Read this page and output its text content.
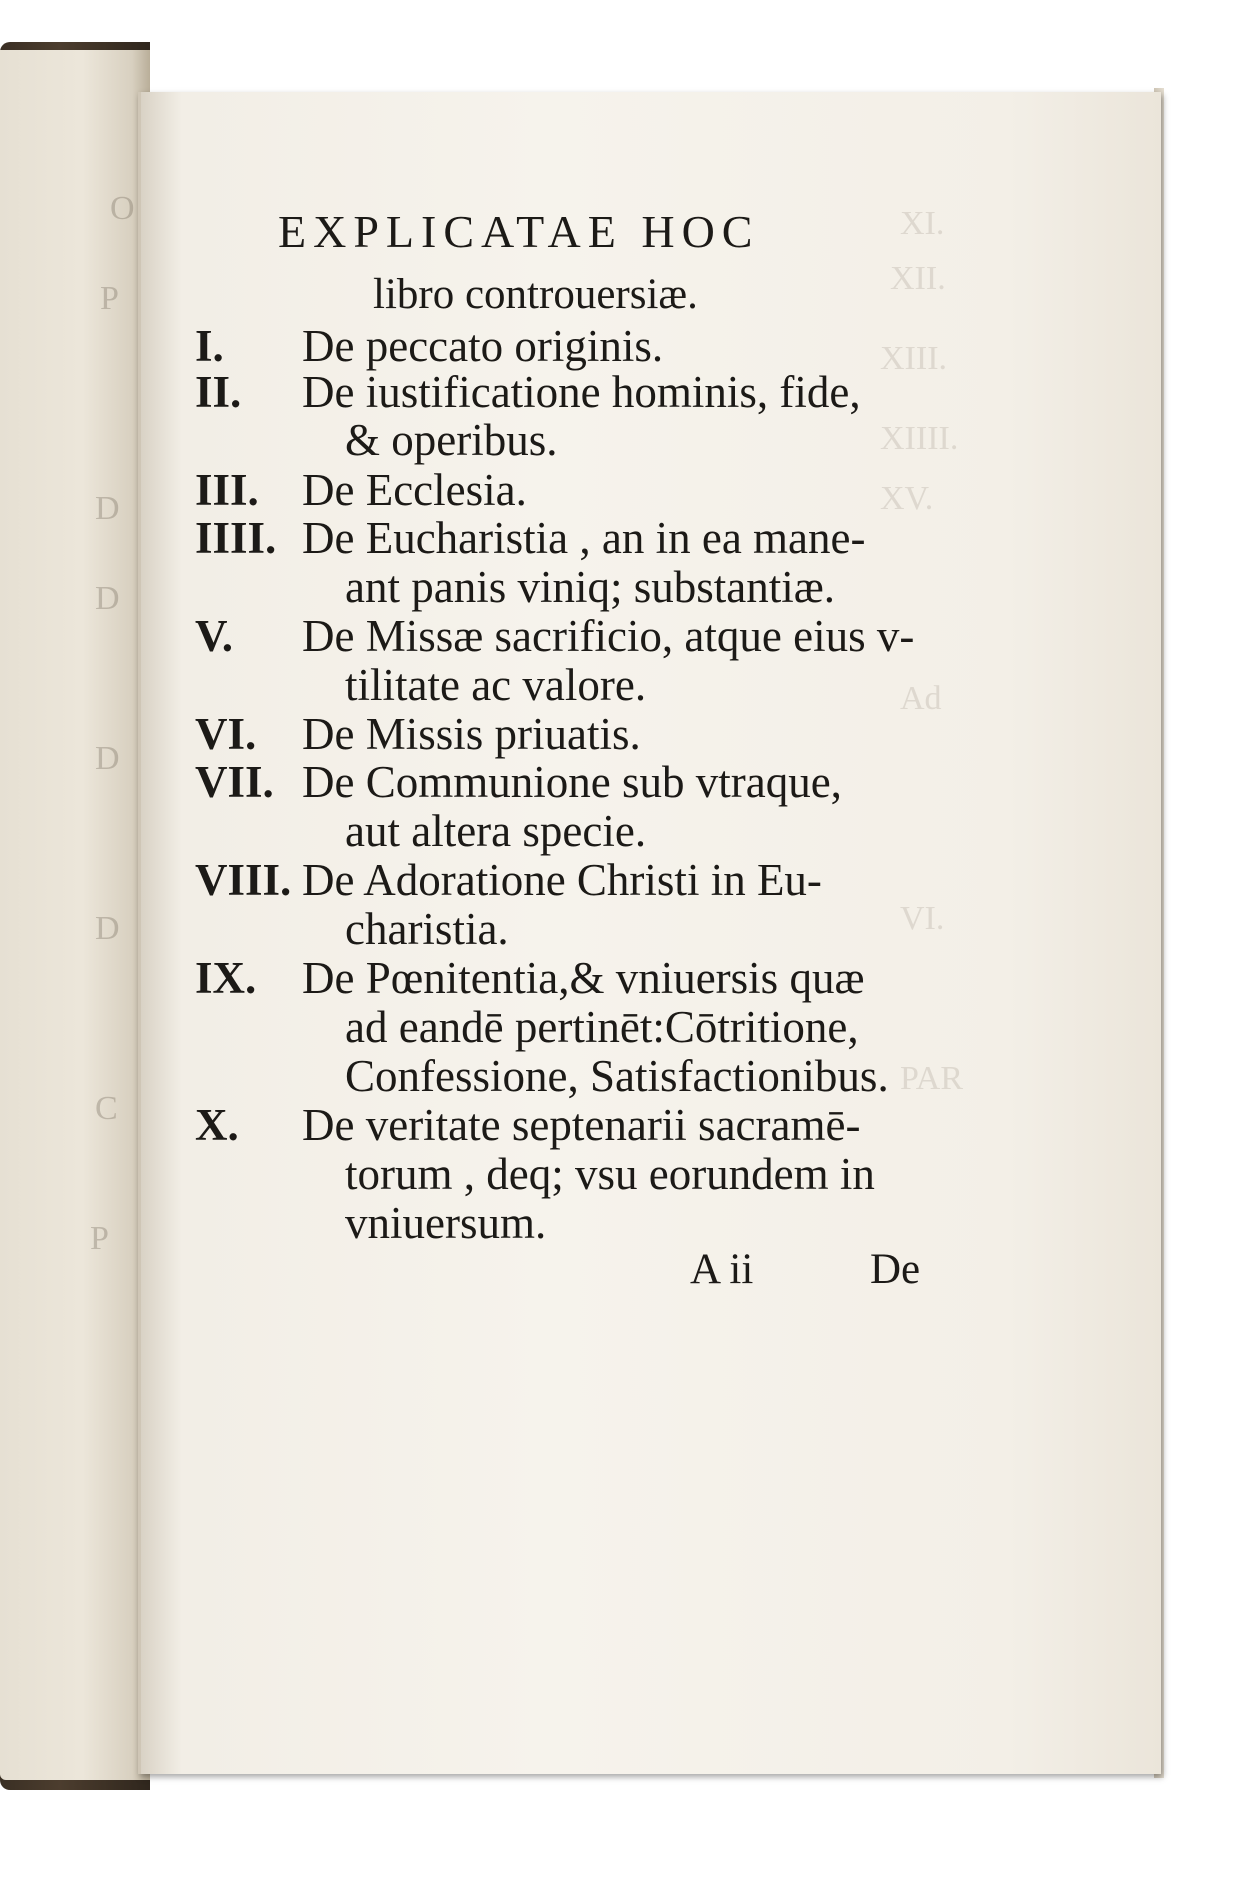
O
P
D
D
D
D
C
P
XI.
XII.
XIII.
XIIII.
XV.
Ad
VI.
PAR
EXPLICATAE HOC
libro controuersiæ.
I. De peccato originis.
II. De iustificatione hominis, fide,
& operibus.
III. De Ecclesia.
IIII. De Eucharistia , an in ea mane-
ant panis viniq; substantiæ.
V. De Missæ sacrificio, atque eius v-
tilitate ac valore.
VI. De Missis priuatis.
VII. De Communione sub vtraque,
aut altera specie.
VIII. De Adoratione Christi in Eu-
charistia.
IX. De Pœnitentia,& vniuersis quæ
ad eandē pertinēt:Cōtritione,
Confessione, Satisfactionibus.
X. De veritate septenarii sacramē-
torum , deq; vsu eorundem in
vniuersum.
A ii	De
